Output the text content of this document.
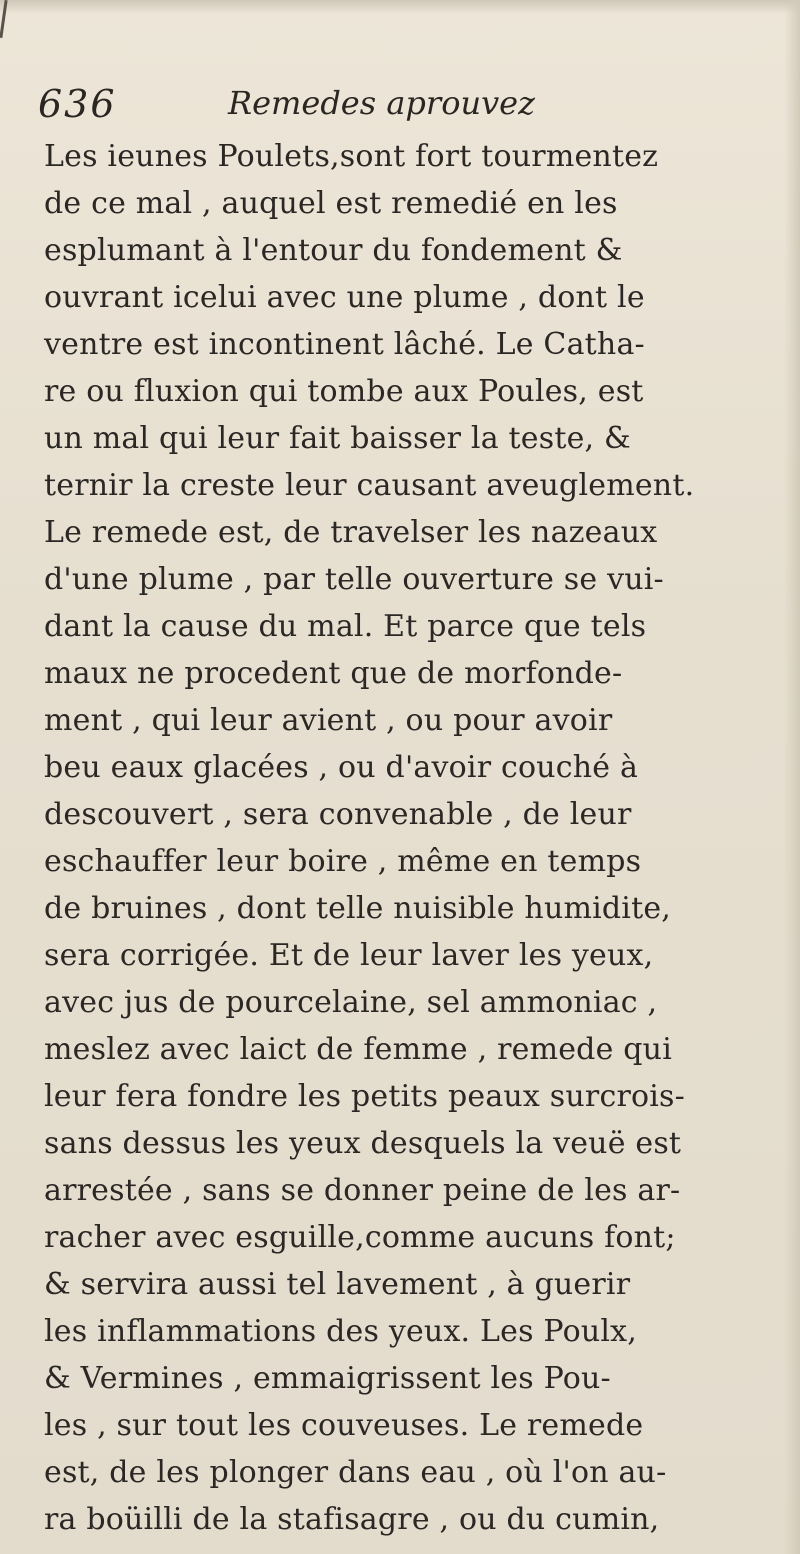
636	Remedes aprouvez
Les ieunes Poulets,sont fort tourmentez
de ce mal , auquel est remedié en les
esplumant à l'entour du fondement &
ouvrant icelui avec une plume , dont le
ventre est incontinent lâché. Le Catha-
re ou fluxion qui tombe aux Poules, est
un mal qui leur fait baisser la teste, &
ternir la creste leur causant aveuglement.
Le remede est, de travelser les nazeaux
d'une plume , par telle ouverture se vui-
dant la cause du mal. Et parce que tels
maux ne procedent que de morfonde-
ment , qui leur avient , ou pour avoir
beu eaux glacées , ou d'avoir couché à
descouvert , sera convenable , de leur
eschauffer leur boire , même en temps
de bruines , dont telle nuisible humidite,
sera corrigée. Et de leur laver les yeux,
avec jus de pourcelaine, sel ammoniac ,
meslez avec laict de femme , remede qui
leur fera fondre les petits peaux surcrois-
sans dessus les yeux desquels la veuë est
arrestée , sans se donner peine de les ar-
racher avec esguille,comme aucuns font;
& servira aussi tel lavement , à guerir
les inflammations des yeux. Les Poulx,
& Vermines , emmaigrissent les Pou-
les , sur tout les couveuses. Le remede
est, de les plonger dans eau , où l'on au-
ra boüilli de la stafisagre , ou du cumin,
